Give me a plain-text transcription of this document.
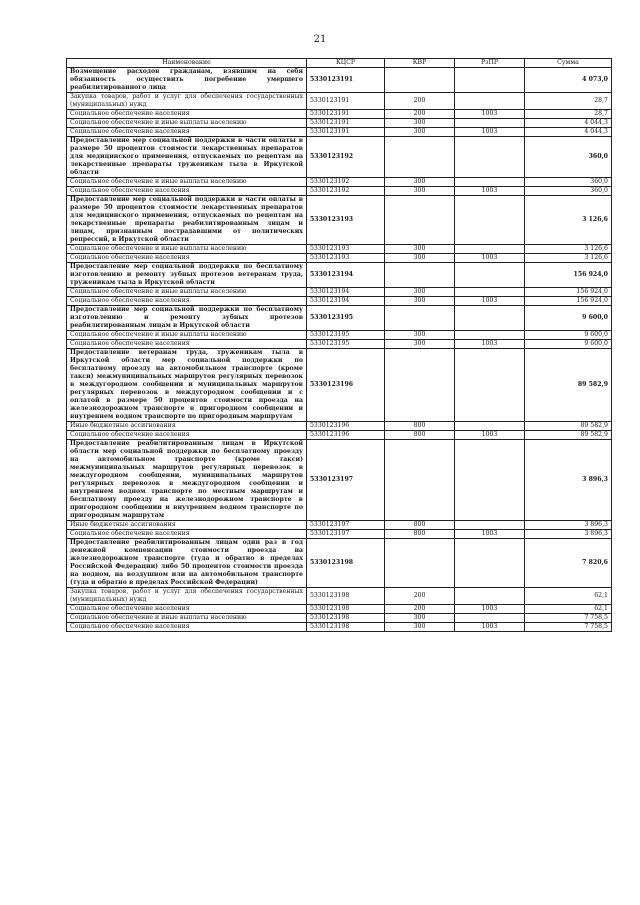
21
Наименование	КЦСР	КВР	РзПР	Сумма
Возмещение расходов гражданам, взявшим на себя обязанность осуществить погребение умершего реабилитированного лица	5330123191			4 073,0
Закупка товаров, работ и услуг для обеспечения государственных (муниципальных) нужд	5330123191	200		28,7
Социальное обеспечение населения	5330123191	200	1003	28,7
Социальное обеспечение и иные выплаты населению	5330123191	300		4 044,3
Социальное обеспечение населения	5330123191	300	1003	4 044,3
Предоставление мер социальной поддержки в части оплаты в размере 50 процентов стоимости лекарственных препаратов для медицинского применения, отпускаемых по рецептам на лекарственные препараты труженикам тыла в Иркутской области	5330123192			360,0
Социальное обеспечение и иные выплаты населению	5330123192	300		360,0
Социальное обеспечение населения	5330123192	300	1003	360,0
Предоставление мер социальной поддержки в части оплаты в размере 50 процентов стоимости лекарственных препаратов для медицинского применения, отпускаемых по рецептам на лекарственные препараты реабилитированным лицам и лицам, признанным пострадавшими от политических репрессий, в Иркутской области	5330123193			3 126,6
Социальное обеспечение и иные выплаты населению	5330123193	300		3 126,6
Социальное обеспечение населения	5330123193	300	1003	3 126,6
Предоставление мер социальной поддержки по бесплатному изготовлению и ремонту зубных протезов ветеранам труда, труженикам тыла в Иркутской области	5330123194			156 924,0
Социальное обеспечение и иные выплаты населению	5330123194	300		156 924,0
Социальное обеспечение населения	5330123194	300	1003	156 924,0
Предоставление мер социальной поддержки по бесплатному изготовлению и ремонту зубных протезов реабилитированным лицам в Иркутской области	5330123195			9 600,0
Социальное обеспечение и иные выплаты населению	5330123195	300		9 600,0
Социальное обеспечение населения	5330123195	300	1003	9 600,0
Предоставление ветеранам труда, труженикам тыла в Иркутской области мер социальной поддержки по бесплатному проезду на автомобильном транспорте (кроме такси) межмуниципальных маршрутов регулярных перевозок в междугородном сообщении и муниципальных маршрутов регулярных перевозок в междугородном сообщении и с оплатой в размере 50 процентов стоимости проезда на железнодорожном транспорте в пригородном сообщении и внутреннем водном транспорте по пригородным маршрутам	5330123196			89 582,9
Иные бюджетные ассигнования	5330123196	800		89 582,9
Социальное обеспечение населения	5330123196	800	1003	89 582,9
Предоставление реабилитированным лицам в Иркутской области мер социальной поддержки по бесплатному проезду на автомобильном транспорте (кроме такси) межмуниципальных маршрутов регулярных перевозок в междугородном сообщении, муниципальных маршрутов регулярных перевозок в междугородном сообщении и внутреннем водном транспорте по местным маршрутам и бесплатному проезду на железнодорожном транспорте в пригородном сообщении и внутреннем водном транспорте по пригородным маршрутам	5330123197			3 896,3
Иные бюджетные ассигнования	5330123197	800		3 896,3
Социальное обеспечение населения	5330123197	800	1003	3 896,3
Предоставление реабилитированным лицам один раз в год денежной компенсации стоимости проезда на железнодорожном транспорте (туда и обратно в пределах Российской Федерации) либо 50 процентов стоимости проезда на водном, на воздушном или на автомобильном транспорте (туда и обратно в пределах Российской Федерации)	5330123198			7 820,6
Закупка товаров, работ и услуг для обеспечения государственных (муниципальных) нужд	5330123198	200		62,1
Социальное обеспечение населения	5330123198	200	1003	62,1
Социальное обеспечение и иные выплаты населению	5330123198	300		7 758,5
Социальное обеспечение населения	5330123198	300	1003	7 758,5
